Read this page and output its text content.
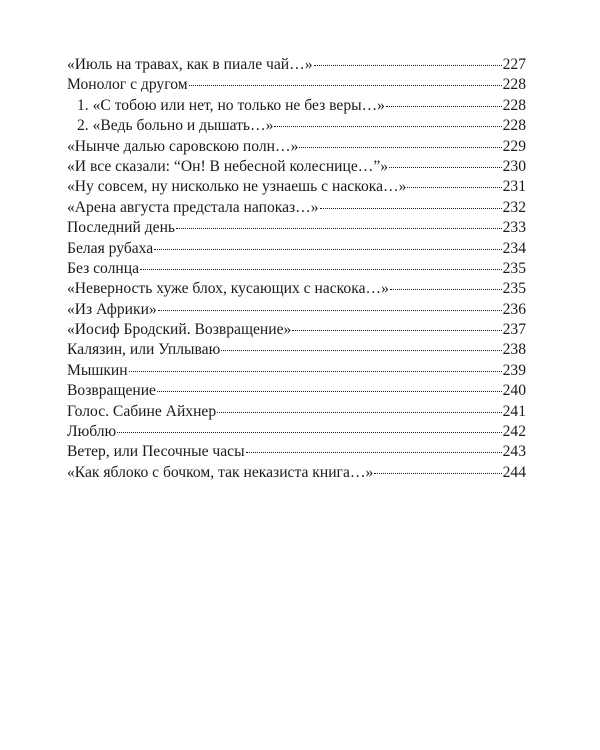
«Июль на травах, как в пиале чай…»	227
Монолог с другом	228
1. «С тобою или нет, но только не без веры…»	228
2. «Ведь больно и дышать…»	228
«Нынче далью саровскою полн…»	229
«И все сказали: “Он! В небесной колеснице…”»	230
«Ну совсем, ну нисколько не узнаешь с наскока…»	231
«Арена августа предстала напоказ…»	232
Последний день	233
Белая рубаха	234
Без солнца	235
«Неверность хуже блох, кусающих с наскока…»	235
«Из Африки»	236
«Иосиф Бродский. Возвращение»	237
Калязин, или Уплываю	238
Мышкин	239
Возвращение	240
Голос. Сабине Айхнер	241
Люблю	242
Ветер, или Песочные часы	243
«Как яблоко с бочком, так неказиста книга…»	244
